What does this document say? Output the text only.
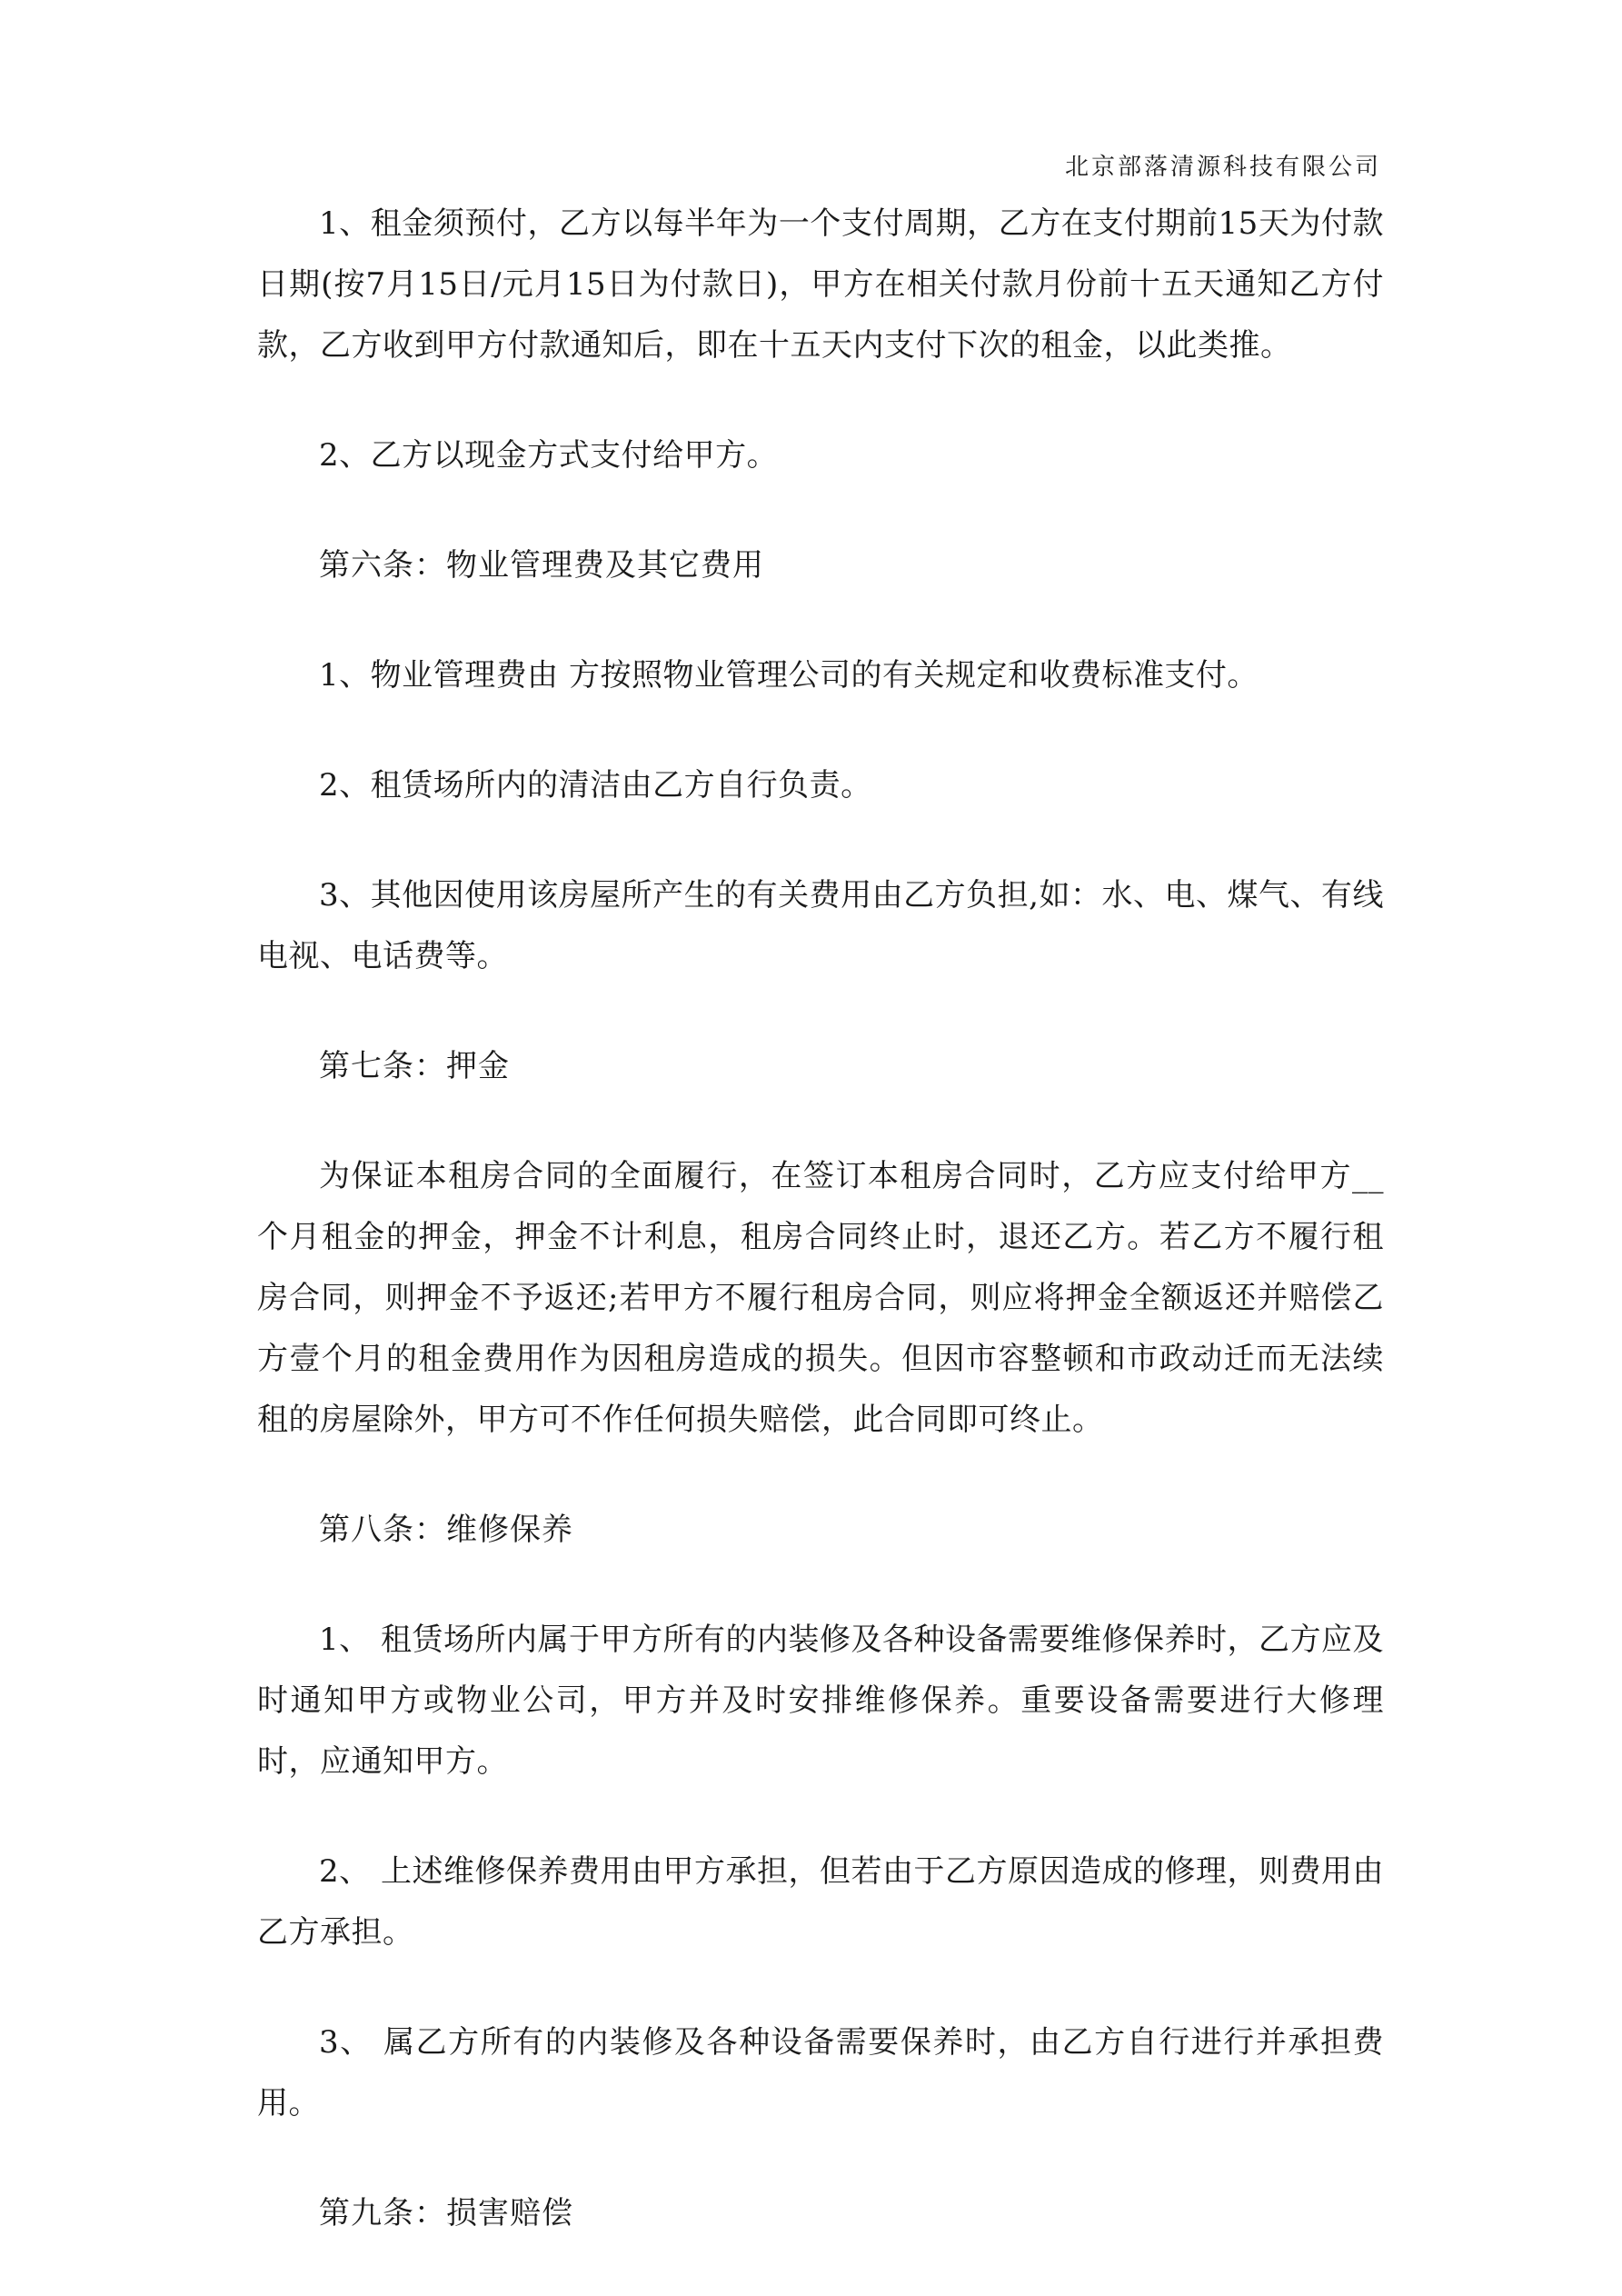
北京部落清源科技有限公司

1、租金须预付，乙方以每半年为一个支付周期，乙方在支付期前15天为付款日期(按7月15日/元月15日为付款日)，甲方在相关付款月份前十五天通知乙方付款，乙方收到甲方付款通知后，即在十五天内支付下次的租金，以此类推。

2、乙方以现金方式支付给甲方。

第六条：物业管理费及其它费用

1、物业管理费由 方按照物业管理公司的有关规定和收费标准支付。

2、租赁场所内的清洁由乙方自行负责。

3、其他因使用该房屋所产生的有关费用由乙方负担,如：水、电、煤气、有线电视、电话费等。

第七条：押金

为保证本租房合同的全面履行，在签订本租房合同时，乙方应支付给甲方__个月租金的押金，押金不计利息，租房合同终止时，退还乙方。若乙方不履行租房合同，则押金不予返还;若甲方不履行租房合同，则应将押金全额返还并赔偿乙方壹个月的租金费用作为因租房造成的损失。但因市容整顿和市政动迁而无法续租的房屋除外，甲方可不作任何损失赔偿，此合同即可终止。

第八条：维修保养

1、 租赁场所内属于甲方所有的内装修及各种设备需要维修保养时，乙方应及时通知甲方或物业公司，甲方并及时安排维修保养。重要设备需要进行大修理时，应通知甲方。

2、 上述维修保养费用由甲方承担，但若由于乙方原因造成的修理，则费用由乙方承担。

3、 属乙方所有的内装修及各种设备需要保养时，由乙方自行进行并承担费用。

第九条：损害赔偿
